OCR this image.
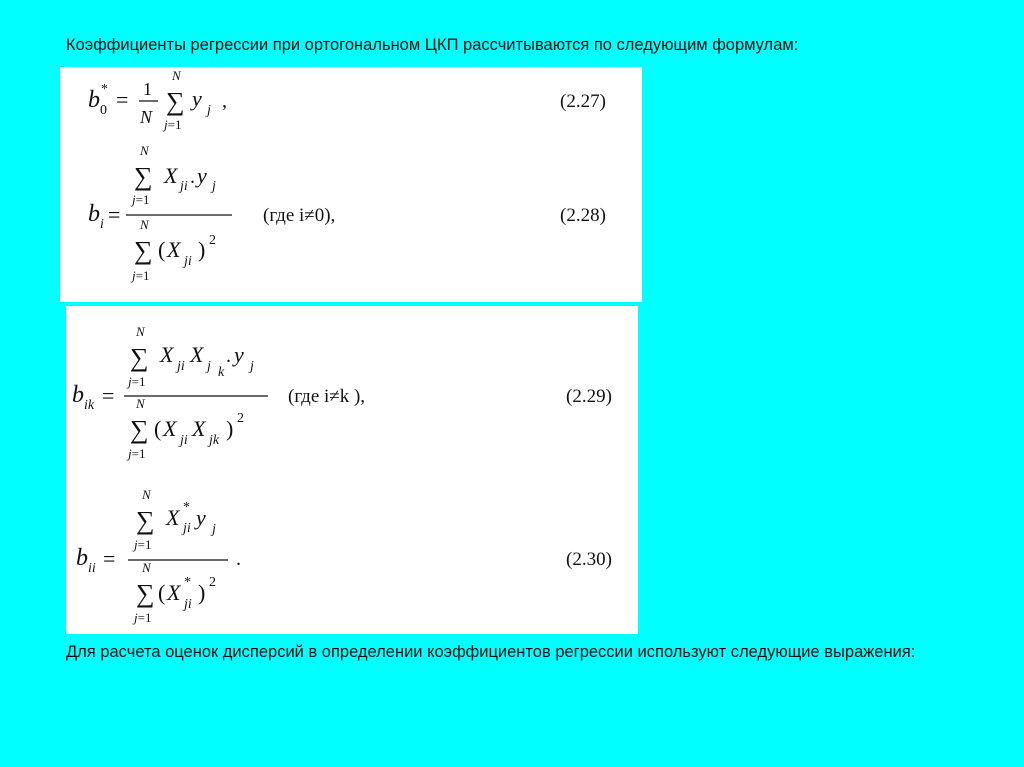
Коэффициенты регрессии при ортогональном ЦКП рассчитываются по следующим формулам:
b 0
* = 1
N
N
∑
j=1
y j ,	(2.27)
N
∑
j=1
X ji . y j
N
∑
j=1
( X ji ) 2
b i =	(где i≠0),	(2.28)
N
∑
j=1
X ji X j k
. y j
N
∑
j=1
( X ji X jk ) 2
b ik =	(где i≠k ),	(2.29)
N
∑
j=1
X *
ji y j
N
∑
j=1
( X *
ji ) 2
b ii =	.	(2.30)
Для расчета оценок дисперсий в определении коэффициентов регрессии используют следующие выражения:
